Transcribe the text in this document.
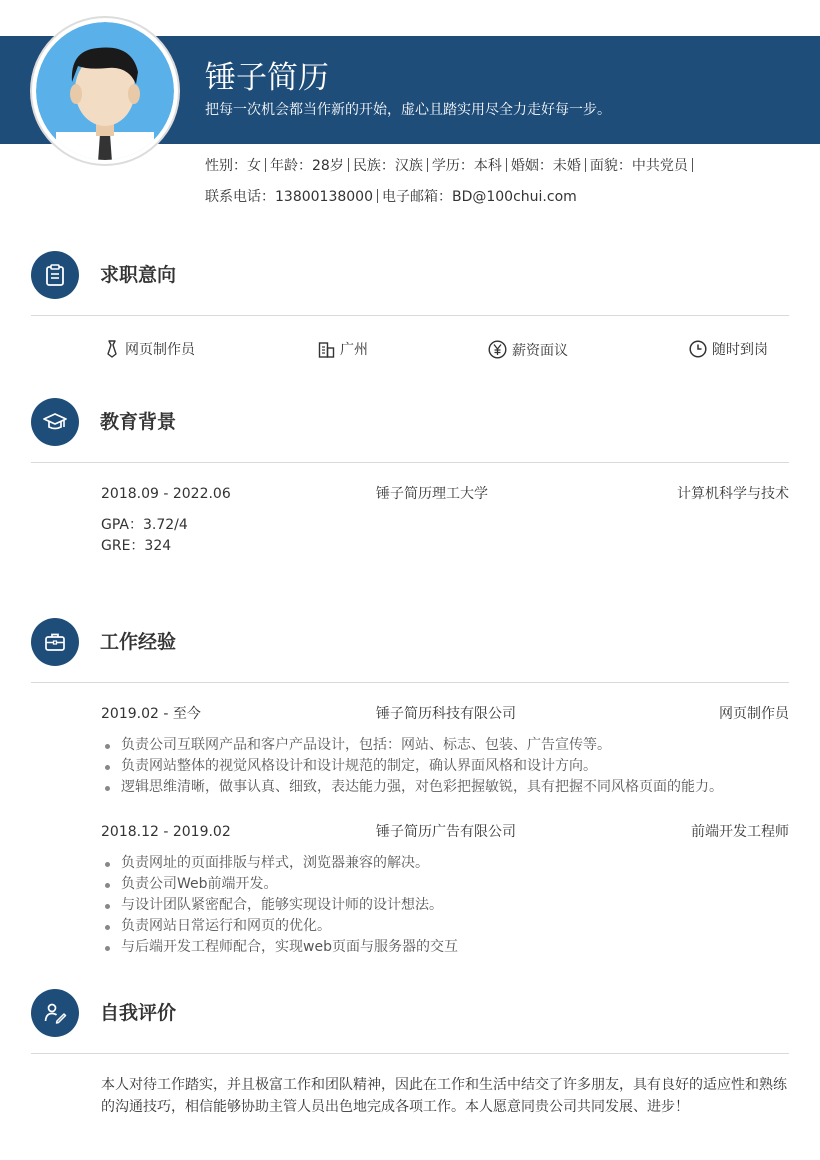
锤子简历
把每一次机会都当作新的开始，虚心且踏实用尽全力走好每一步。
性别：女 年龄：28岁 民族：汉族 学历：本科 婚姻：未婚 面貌：中共党员
联系电话：13800138000 电子邮箱：BD@100chui.com
求职意向
网页制作员	广州	薪资面议	随时到岗
教育背景
2018.09 - 2022.06	锤子简历理工大学	计算机科学与技术
GPA：3.72/4
GRE：324
工作经验
2019.02 - 至今	锤子简历科技有限公司	网页制作员
负责公司互联网产品和客户产品设计，包括：网站、标志、包装、广告宣传等。
负责网站整体的视觉风格设计和设计规范的制定，确认界面风格和设计方向。
逻辑思维清晰，做事认真、细致，表达能力强，对色彩把握敏锐，具有把握不同风格页面的能力。
2018.12 - 2019.02	锤子简历广告有限公司	前端开发工程师
负责网址的页面排版与样式，浏览器兼容的解决。
负责公司Web前端开发。
与设计团队紧密配合，能够实现设计师的设计想法。
负责网站日常运行和网页的优化。
与后端开发工程师配合，实现web页面与服务器的交互
自我评价
本人对待工作踏实，并且极富工作和团队精神，因此在工作和生活中结交了许多朋友，具有良好的适应性和熟练的沟通技巧，相信能够协助主管人员出色地完成各项工作。本人愿意同贵公司共同发展、进步！
